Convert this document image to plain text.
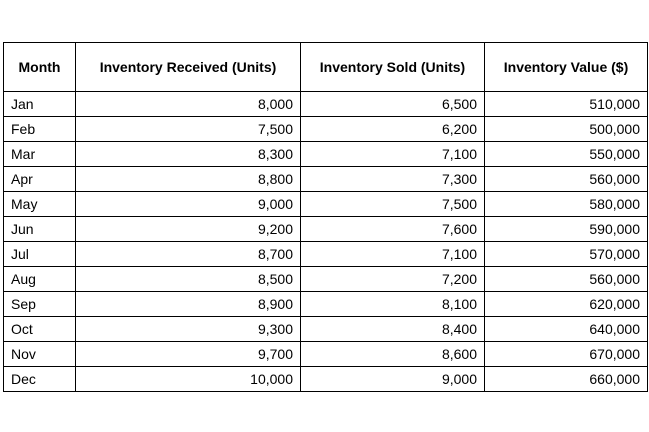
Month	Inventory Received (Units)	Inventory Sold (Units)	Inventory Value ($)
Jan	8,000	6,500	510,000
Feb	7,500	6,200	500,000
Mar	8,300	7,100	550,000
Apr	8,800	7,300	560,000
May	9,000	7,500	580,000
Jun	9,200	7,600	590,000
Jul	8,700	7,100	570,000
Aug	8,500	7,200	560,000
Sep	8,900	8,100	620,000
Oct	9,300	8,400	640,000
Nov	9,700	8,600	670,000
Dec	10,000	9,000	660,000
